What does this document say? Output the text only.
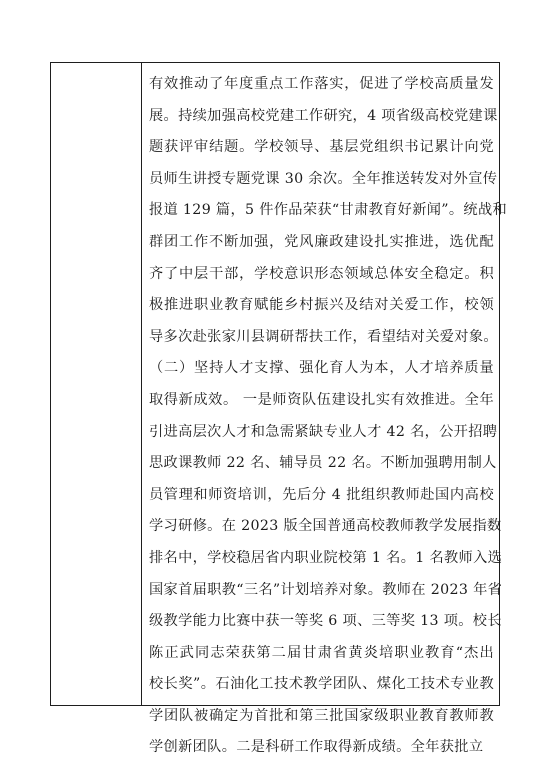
有效推动了年度重点工作落实，促进了学校高质量发
展。持续加强高校党建工作研究，4 项省级高校党建课
题获评审结题。学校领导、基层党组织书记累计向党
员师生讲授专题党课 30 余次。全年推送转发对外宣传
报道 129 篇，5 件作品荣获“甘肃教育好新闻”。统战和
群团工作不断加强，党风廉政建设扎实推进，选优配
齐了中层干部，学校意识形态领域总体安全稳定。积
极推进职业教育赋能乡村振兴及结对关爱工作，校领
导多次赴张家川县调研帮扶工作，看望结对关爱对象。
（二）坚持人才支撑、强化育人为本，人才培养质量
取得新成效。 一是师资队伍建设扎实有效推进。全年
引进高层次人才和急需紧缺专业人才 42 名，公开招聘
思政课教师 22 名、辅导员 22 名。不断加强聘用制人
员管理和师资培训，先后分 4 批组织教师赴国内高校
学习研修。在 2023 版全国普通高校教师教学发展指数
排名中，学校稳居省内职业院校第 1 名。1 名教师入选
国家首届职教“三名”计划培养对象。教师在 2023 年省
级教学能力比赛中获一等奖 6 项、三等奖 13 项。校长
陈正武同志荣获第二届甘肃省黄炎培职业教育“杰出
校长奖”。石油化工技术教学团队、煤化工技术专业教
学团队被确定为首批和第三批国家级职业教育教师教
学创新团队。二是科研工作取得新成绩。全年获批立
